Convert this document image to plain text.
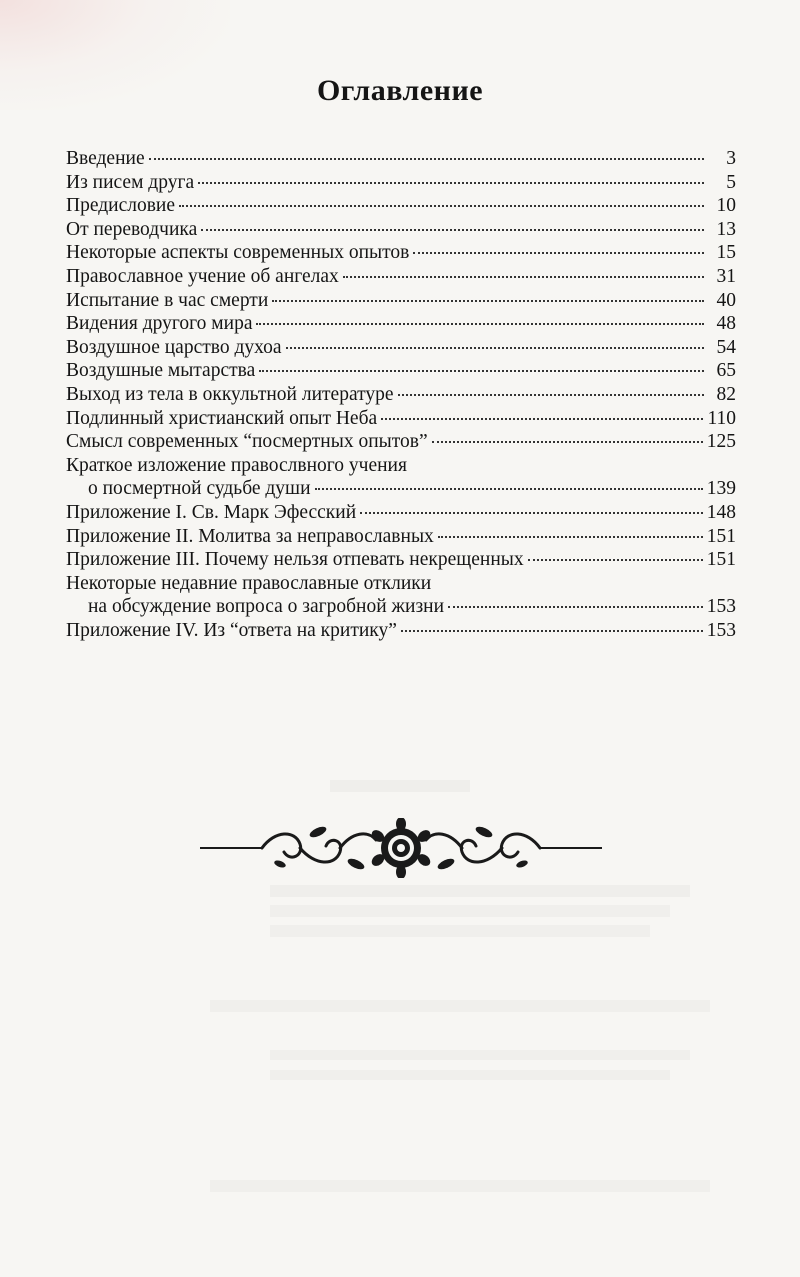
Оглавление
Введение	3
Из писем друга	5
Предисловие	10
От переводчика	13
Некоторые аспекты современных опытов	15
Православное учение об ангелах	31
Испытание в час смерти	40
Видения другого мира	48
Воздушное царство духоа	54
Воздушные мытарства	65
Выход из тела в оккультной литературе	82
Подлинный христианский опыт Неба	110
Смысл современных “посмертных опытов”	125
Краткое изложение правослвного учения
о посмертной судьбе души	139
Приложение I. Св. Марк Эфесский	148
Приложение II. Молитва за неправославных	151
Приложение III. Почему нельзя отпевать некрещенных	151
Некоторые недавние православные отклики
на обсуждение вопроса о загробной жизни	153
Приложение IV. Из “ответа на критику”	153
